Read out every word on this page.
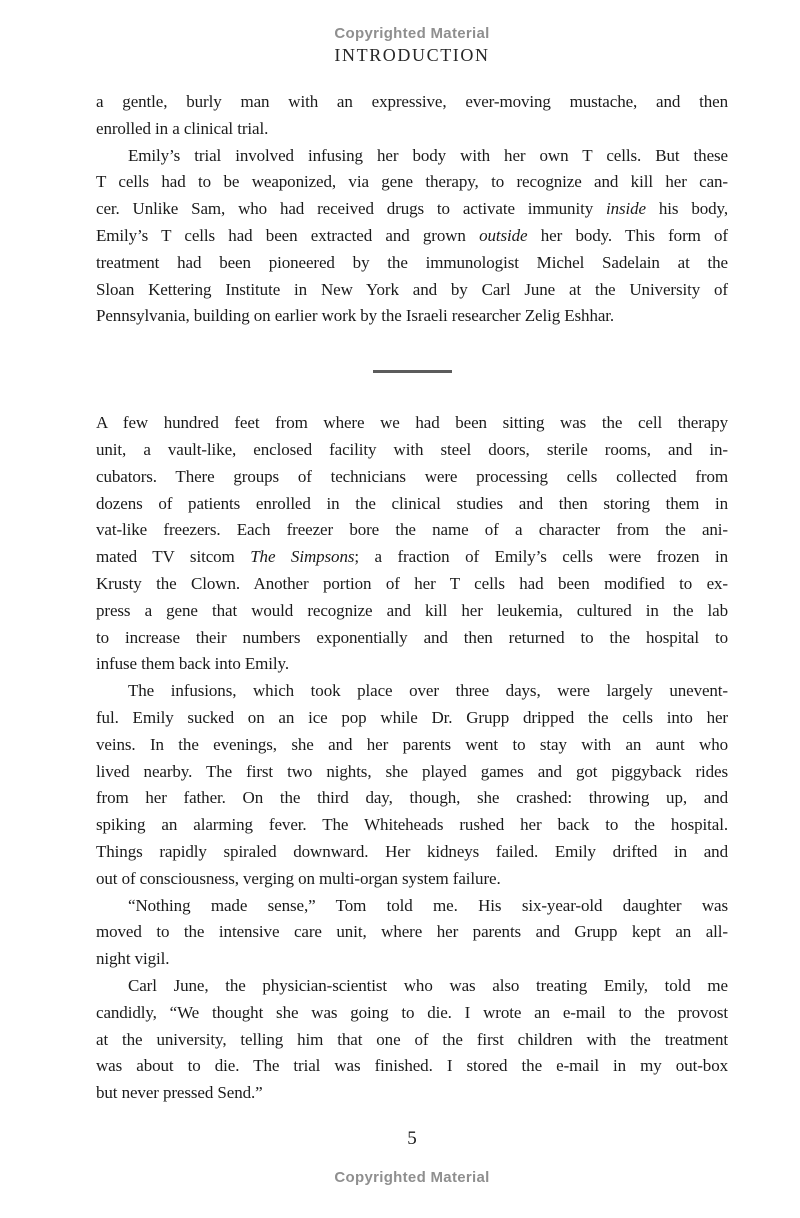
Copyrighted Material
INTRODUCTION
a gentle, burly man with an expressive, ever-moving mustache, and then
enrolled in a clinical trial.
Emily’s trial involved infusing her body with her own T cells. But these
T cells had to be weaponized, via gene therapy, to recognize and kill her can-
cer. Unlike Sam, who had received drugs to activate immunity inside his body,
Emily’s T cells had been extracted and grown outside her body. This form of
treatment had been pioneered by the immunologist Michel Sadelain at the
Sloan Kettering Institute in New York and by Carl June at the University of
Pennsylvania, building on earlier work by the Israeli researcher Zelig Eshhar.
A few hundred feet from where we had been sitting was the cell therapy
unit, a vault-like, enclosed facility with steel doors, sterile rooms, and in-
cubators. There groups of technicians were processing cells collected from
dozens of patients enrolled in the clinical studies and then storing them in
vat-like freezers. Each freezer bore the name of a character from the ani-
mated TV sitcom The Simpsons; a fraction of Emily’s cells were frozen in
Krusty the Clown. Another portion of her T cells had been modified to ex-
press a gene that would recognize and kill her leukemia, cultured in the lab
to increase their numbers exponentially and then returned to the hospital to
infuse them back into Emily.
The infusions, which took place over three days, were largely unevent-
ful. Emily sucked on an ice pop while Dr. Grupp dripped the cells into her
veins. In the evenings, she and her parents went to stay with an aunt who
lived nearby. The first two nights, she played games and got piggyback rides
from her father. On the third day, though, she crashed: throwing up, and
spiking an alarming fever. The Whiteheads rushed her back to the hospital.
Things rapidly spiraled downward. Her kidneys failed. Emily drifted in and
out of consciousness, verging on multi-organ system failure.
“Nothing made sense,” Tom told me. His six-year-old daughter was
moved to the intensive care unit, where her parents and Grupp kept an all-
night vigil.
Carl June, the physician-scientist who was also treating Emily, told me
candidly, “We thought she was going to die. I wrote an e-mail to the provost
at the university, telling him that one of the first children with the treatment
was about to die. The trial was finished. I stored the e-mail in my out-box
but never pressed Send.”
5
Copyrighted Material
